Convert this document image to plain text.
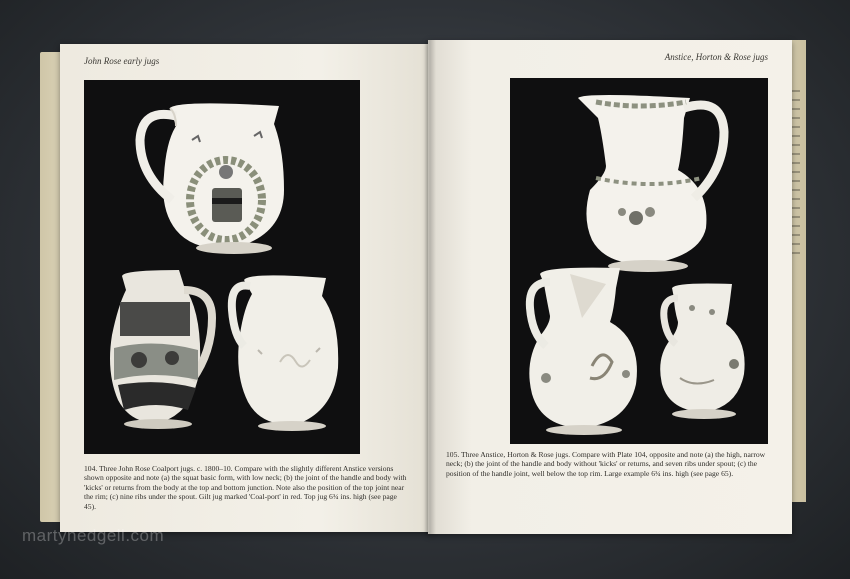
John Rose early jugs

104. Three John Rose Coalport jugs. c. 1800–10. Compare with the slightly different Anstice versions shown opposite and note (a) the squat basic form, with low neck; (b) the joint of the handle and body with 'kicks' or returns from the body at the top and bottom junction. Note also the position of the top joint near the rim; (c) nine ribs under the spout. Gilt jug marked 'Coal-port' in red. Top jug 6¾ ins. high (see page 45).

Anstice, Horton & Rose jugs

105. Three Anstice, Horton & Rose jugs. Compare with Plate 104, opposite and note (a) the high, narrow neck; (b) the joint of the handle and body without 'kicks' or returns, and seven ribs under spout; (c) the position of the handle joint, well below the top rim. Large example 6¾ ins. high (see page 65).

martynedgell.com
